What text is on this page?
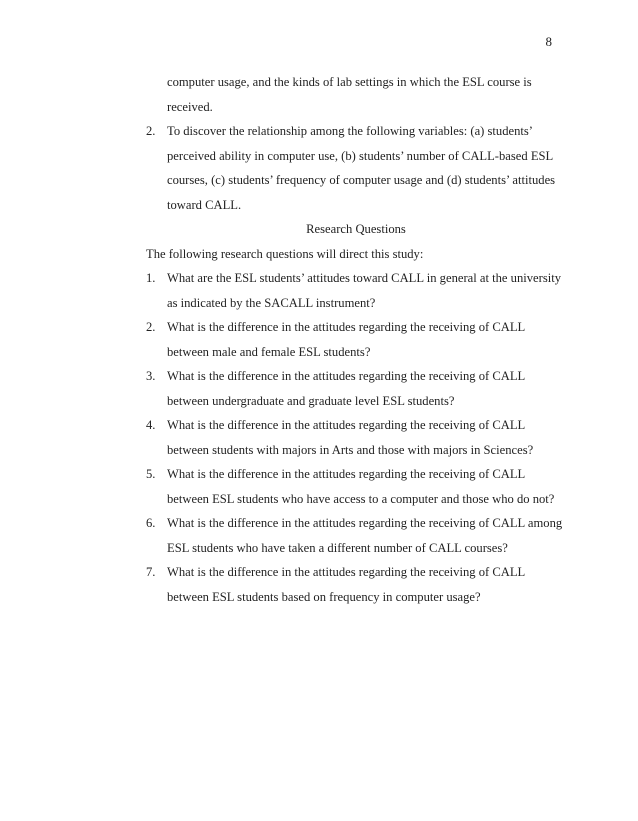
8
computer usage, and the kinds of lab settings in which the ESL course is
received.
2. To discover the relationship among the following variables: (a) students’
perceived ability in computer use, (b) students’ number of CALL-based ESL
courses, (c) students’ frequency of computer usage and (d) students’ attitudes
toward CALL.
Research Questions
The following research questions will direct this study:
1. What are the ESL students’ attitudes toward CALL in general at the university
as indicated by the SACALL instrument?
2. What is the difference in the attitudes regarding the receiving of CALL
between male and female ESL students?
3. What is the difference in the attitudes regarding the receiving of CALL
between undergraduate and graduate level ESL students?
4. What is the difference in the attitudes regarding the receiving of CALL
between students with majors in Arts and those with majors in Sciences?
5. What is the difference in the attitudes regarding the receiving of CALL
between ESL students who have access to a computer and those who do not?
6. What is the difference in the attitudes regarding the receiving of CALL among
ESL students who have taken a different number of CALL courses?
7. What is the difference in the attitudes regarding the receiving of CALL
between ESL students based on frequency in computer usage?
